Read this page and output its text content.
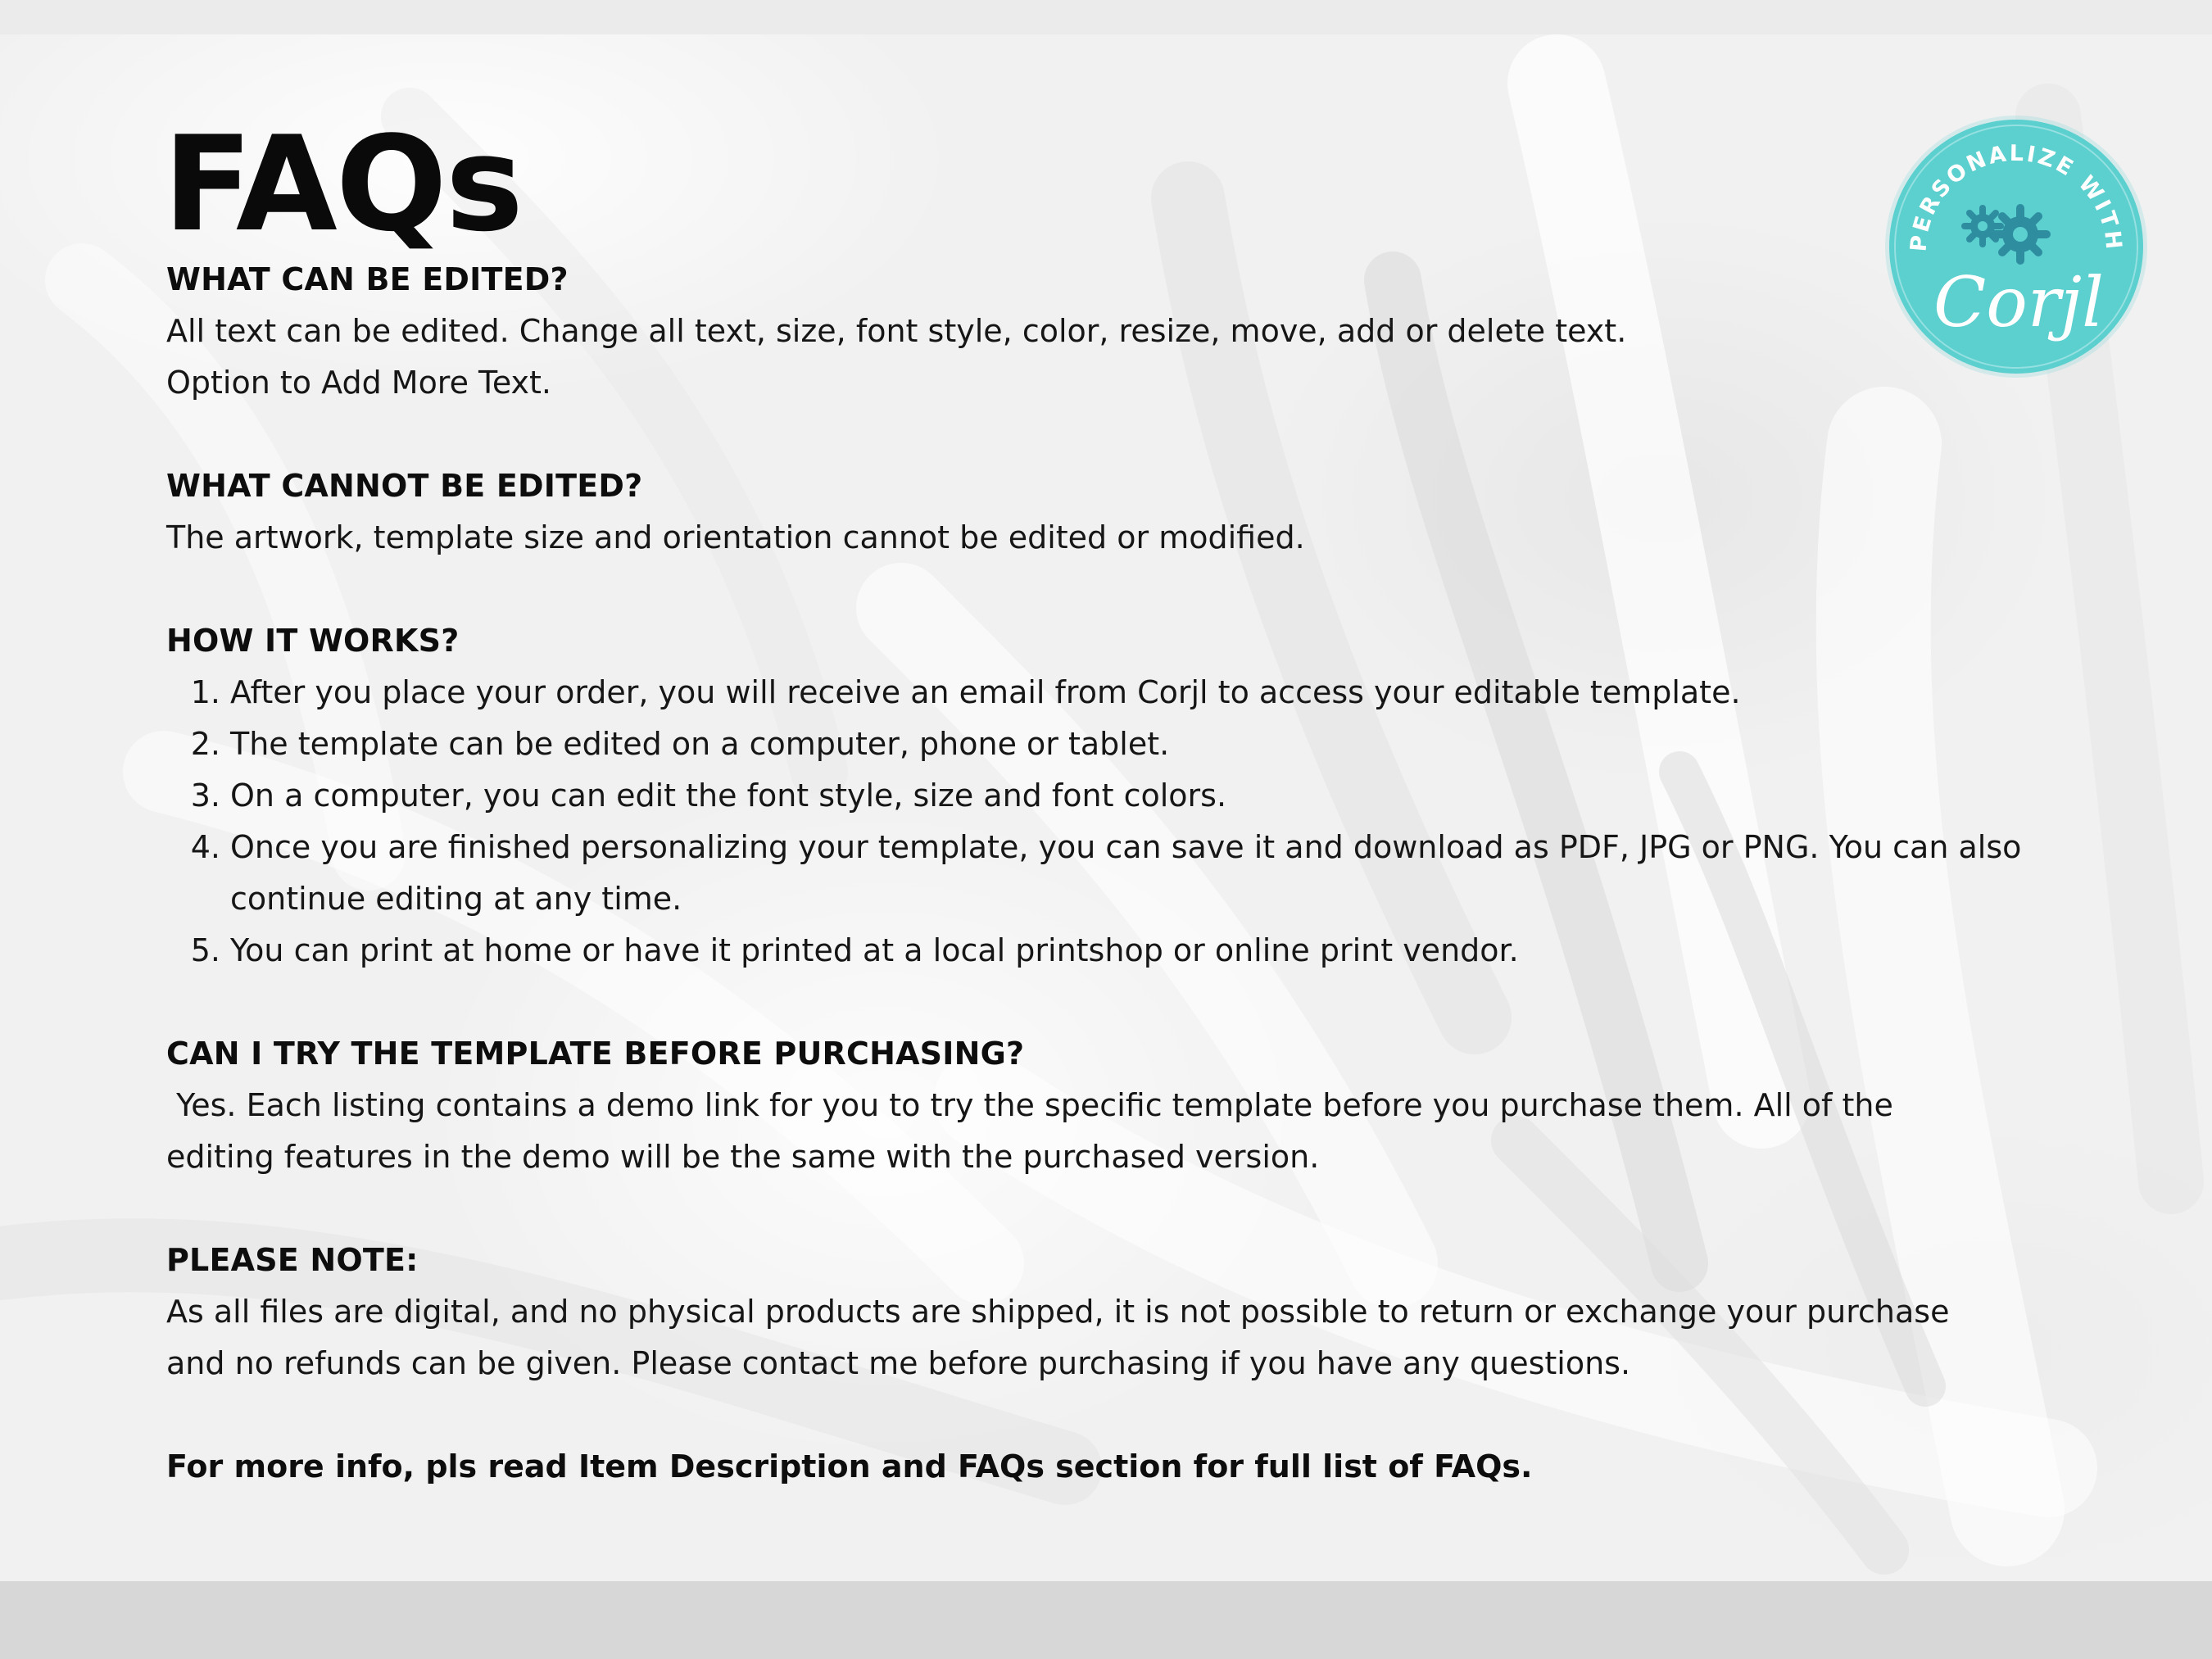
FAQs
WHAT CAN BE EDITED?
All text can be edited. Change all text, size, font style, color, resize, move, add or delete text.
Option to Add More Text.
WHAT CANNOT BE EDITED?
The artwork, template size and orientation cannot be edited or modified.
HOW IT WORKS?
1. After you place your order, you will receive an email from Corjl to access your editable template.
2. The template can be edited on a computer, phone or tablet.
3. On a computer, you can edit the font style, size and font colors.
4. Once you are finished personalizing your template, you can save it and download as PDF, JPG or PNG. You can also continue editing at any time.
5. You can print at home or have it printed at a local printshop or online print vendor.
CAN I TRY THE TEMPLATE BEFORE PURCHASING?
Yes. Each listing contains a demo link for you to try the specific template before you purchase them. All of the editing features in the demo will be the same with the purchased version.
PLEASE NOTE:
As all files are digital, and no physical products are shipped, it is not possible to return or exchange your purchase and no refunds can be given. Please contact me before purchasing if you have any questions.
For more info, pls read Item Description and FAQs section for full list of FAQs.
PERSONALIZE WITH
Corjl
